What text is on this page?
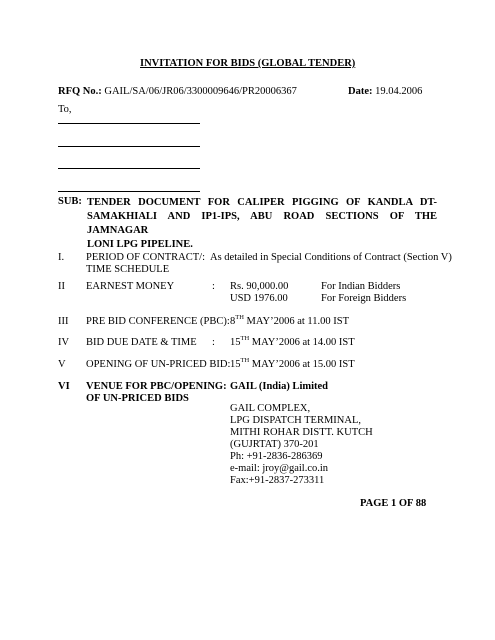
INVITATION FOR BIDS (GLOBAL TENDER)
RFQ No.: GAIL/SA/06/JR06/3300009646/PR20006367	Date: 19.04.2006
To,
SUB: TENDER DOCUMENT FOR CALIPER PIGGING OF KANDLA DT-
SAMAKHIALI AND IP1-IPS, ABU ROAD SECTIONS OF THE JAMNAGAR
LONI LPG PIPELINE.
I. PERIOD OF CONTRACT/:
TIME SCHEDULE
As detailed in Special Conditions of Contract (Section V)
II EARNEST MONEY	: Rs. 90,000.00	For Indian Bidders
USD 1976.00	For Foreign Bidders
III PRE BID CONFERENCE (PBC): 8TH MAY’2006 at 11.00 IST
IV BID DUE DATE & TIME : 15TH MAY’2006 at 14.00 IST
V OPENING OF UN-PRICED BID: 15TH MAY’2006 at 15.00 IST
VI VENUE FOR PBC/OPENING:
OF UN-PRICED BIDS
GAIL (India) Limited
GAIL COMPLEX,
LPG DISPATCH TERMINAL,
MITHI ROHAR DISTT. KUTCH
(GUJRTAT) 370-201
Ph: +91-2836-286369
e-mail: jroy@gail.co.in
Fax:+91-2837-273311
PAGE 1 OF 88
